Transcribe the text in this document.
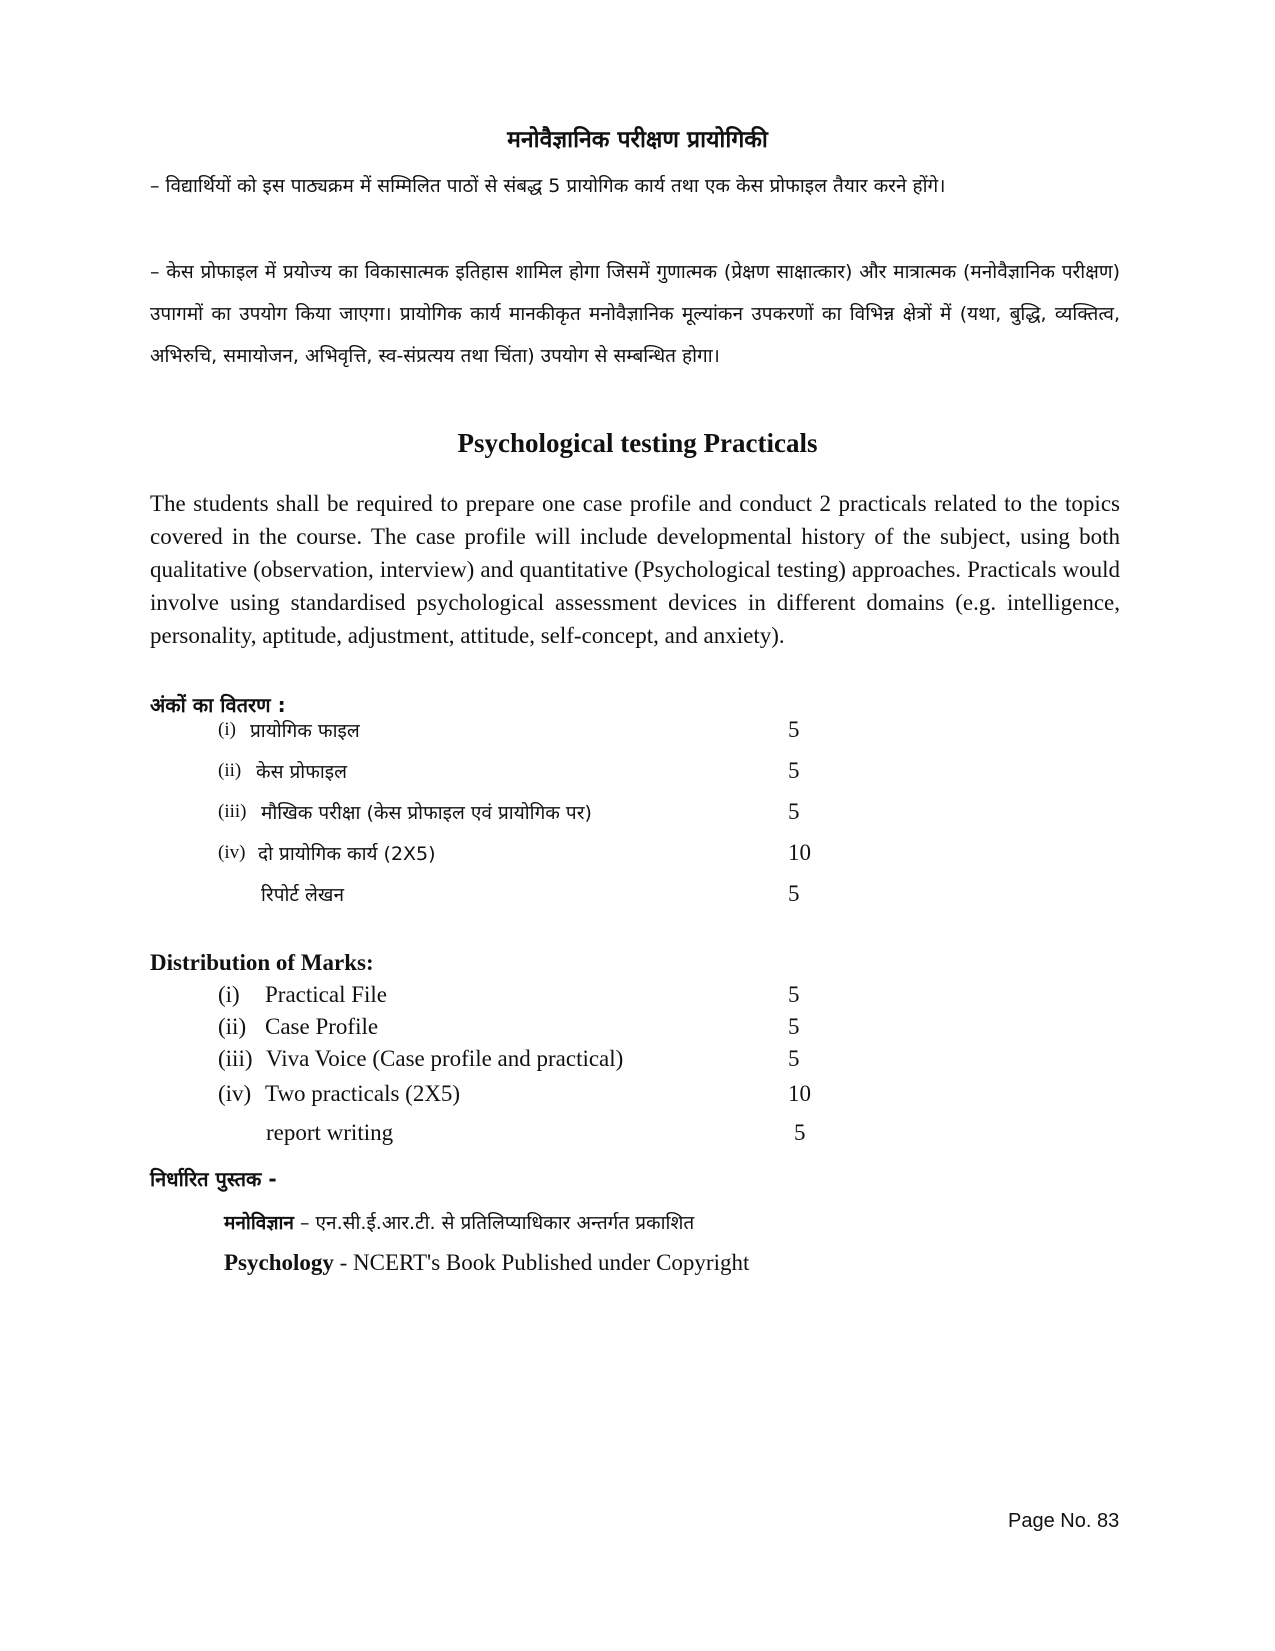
मनोवैज्ञानिक परीक्षण प्रायोगिकी

– विद्यार्थियों को इस पाठ्यक्रम में सम्मिलित पाठों से संबद्ध 5 प्रायोगिक कार्य तथा एक केस प्रोफाइल तैयार करने होंगे।

– केस प्रोफाइल में प्रयोज्य का विकासात्मक इतिहास शामिल होगा जिसमें गुणात्मक (प्रेक्षण साक्षात्कार) और मात्रात्मक (मनोवैज्ञानिक परीक्षण) उपागमों का उपयोग किया जाएगा। प्रायोगिक कार्य मानकीकृत मनोवैज्ञानिक मूल्यांकन उपकरणों का विभिन्न क्षेत्रों में (यथा, बुद्धि, व्यक्तित्व, अभिरुचि, समायोजन, अभिवृत्ति, स्व-संप्रत्यय तथा चिंता) उपयोग से सम्बन्धित होगा।

Psychological testing Practicals

The students shall be required to prepare one case profile and conduct 2 practicals related to the topics covered in the course. The case profile will include developmental history of the subject, using both qualitative (observation, interview) and quantitative (Psychological testing) approaches. Practicals would involve using standardised psychological assessment devices in different domains (e.g. intelligence, personality, aptitude, adjustment, attitude, self-concept, and anxiety).

अंकों का वितरण :
(i) प्रायोगिक फाइल	5
(ii) केस प्रोफाइल	5
(iii) मौखिक परीक्षा (केस प्रोफाइल एवं प्रायोगिक पर)	5
(iv) दो प्रायोगिक कार्य (2X5)	10
रिपोर्ट लेखन	5
Distribution of Marks:
(i) Practical File	5
(ii) Case Profile	5
(iii) Viva Voice (Case profile and practical)	5
(iv) Two practicals (2X5)	10
report writing	5
निर्धारित पुस्तक -
मनोविज्ञान – एन.सी.ई.आर.टी. से प्रतिलिप्याधिकार अन्तर्गत प्रकाशित
Psychology - NCERT's Book Published under Copyright
Page No. 83
